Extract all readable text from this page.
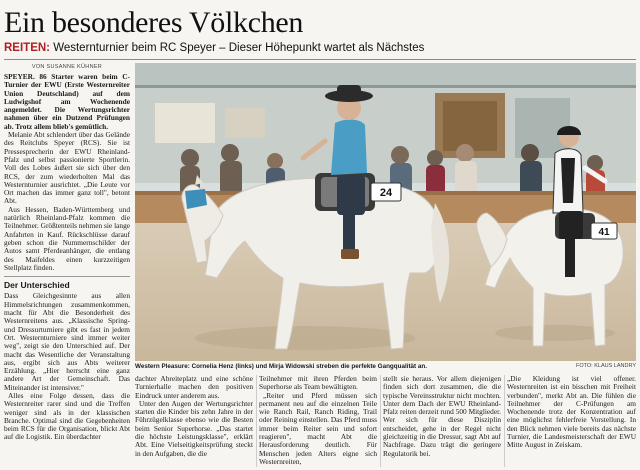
Ein besonderes Völkchen
REITEN: Westernturnier beim RC Speyer – Dieser Höhepunkt wartet als Nächstes
VON SUSANNE KÜHNER

SPEYER. 86 Starter waren beim C-Turnier der EWU (Erste Westernreiter Union Deutschland) auf dem Ludwigshof am Wochenende angemeldet. Die Wertungsrichter nahmen über ein Dutzend Prüfungen ab. Trotz allem blieb's gemütlich.

Melanie Abt schlendert über das Gelände des Reitclubs Speyer (RCS). Sie ist Pressesprecherin der EWU Rheinland-Pfalz und selbst passionierte Sportlerin. Voll des Lobes äußert sie sich über den RCS, der zum wiederholten Mal das Westernturnier ausrichtet. „Die Leute vor Ort machen das immer ganz toll", betont Abt.

Aus Hessen, Baden-Württemberg und natürlich Rheinland-Pfalz kommen die Teilnehmer. Größtenteils nehmen sie lange Anfahrten in Kauf. Rückschlüsse darauf geben schon die Nummernschilder der Autos samt Pferdeanhänger, die entlang des Maifeldes einen kurzzeitigen Stellplatz finden.

Der Unterschied

Dass Gleichgesinnte aus allen Himmelsrichtungen zusammenkommen, macht für Abt die Besonderheit des Westernreitens aus. „Klassische Spring- und Dressurturniere gibt es fast in jedem Ort. Westernturniere sind immer weiter weg", zeigt sie den Unterschied auf. Der macht das Wesentliche der Veranstaltung aus, ergibt sich aus Abts weiterer Erzählung. „Hier herrscht eine ganz andere Art der Gemeinschaft. Das Miteinander ist intensiver."

Alles eine Folge dessen, dass die Westernreiter rarer sind und die Treffen weniger sind als in der klassischen Branche. Optimal sind die Gegebenheiten beim RCS für die Organisation, blickt Abt auf die Logistik. Ein überdachter

24
41
Western Pleasure: Cornelia Henz (links) und Mirja Widowski streben die perfekte Gangqualität an.	FOTO: KLAUS LANDRY

dachter Abreiteplatz und eine schöne Turnierhalle machen den positiven Eindruck unter anderem aus.

Unter den Augen der Wertungsrichter starten die Kinder bis zehn Jahre in der Führzügelklasse ebenso wie die Besten beim Senior Superhorse. „Das startet die höchste Leistungsklasse", erklärt Abt. Eine Vielseitigkeitsprüfung steckt in den Aufgaben, die die

Teilnehmer mit ihren Pferden beim Superhorse als Team bewältigten.

„Reiter und Pferd müssen sich permanent neu auf die einzelnen Teile wie Ranch Rail, Ranch Riding, Trail oder Reining einstellen. Das Pferd muss immer beim Reiter sein und sofort reagieren", macht Abt die Herausforderung deutlich. Für Menschen jeden Alters eigne sich Westernreiten,

stellt sie heraus. Vor allem diejenigen finden sich dort zusammen, die die typische Vereinsstruktur nicht mochten. Unter dem Dach der EWU Rheinland-Pfalz reiten derzeit rund 500 Mitglieder. Wer sich für diese Disziplin entscheidet, gehe in der Regel nicht gleichzeitig in die Dressur, sagt Abt auf Nachfrage. Dazu trägt die geringere Regulatorik bei.

„Die Kleidung ist viel offener. Westernreiten ist ein bisschen mit Freiheit verbunden", merkt Abt an. Die fühlen die Teilnehmer der C-Prüfungen am Wochenende trotz der Konzentration auf eine möglichst fehlerfreie Vorstellung. In den Blick nehmen viele bereits das nächste Turnier, die Landesmeisterschaft der EWU Mitte August in Zeiskam.
